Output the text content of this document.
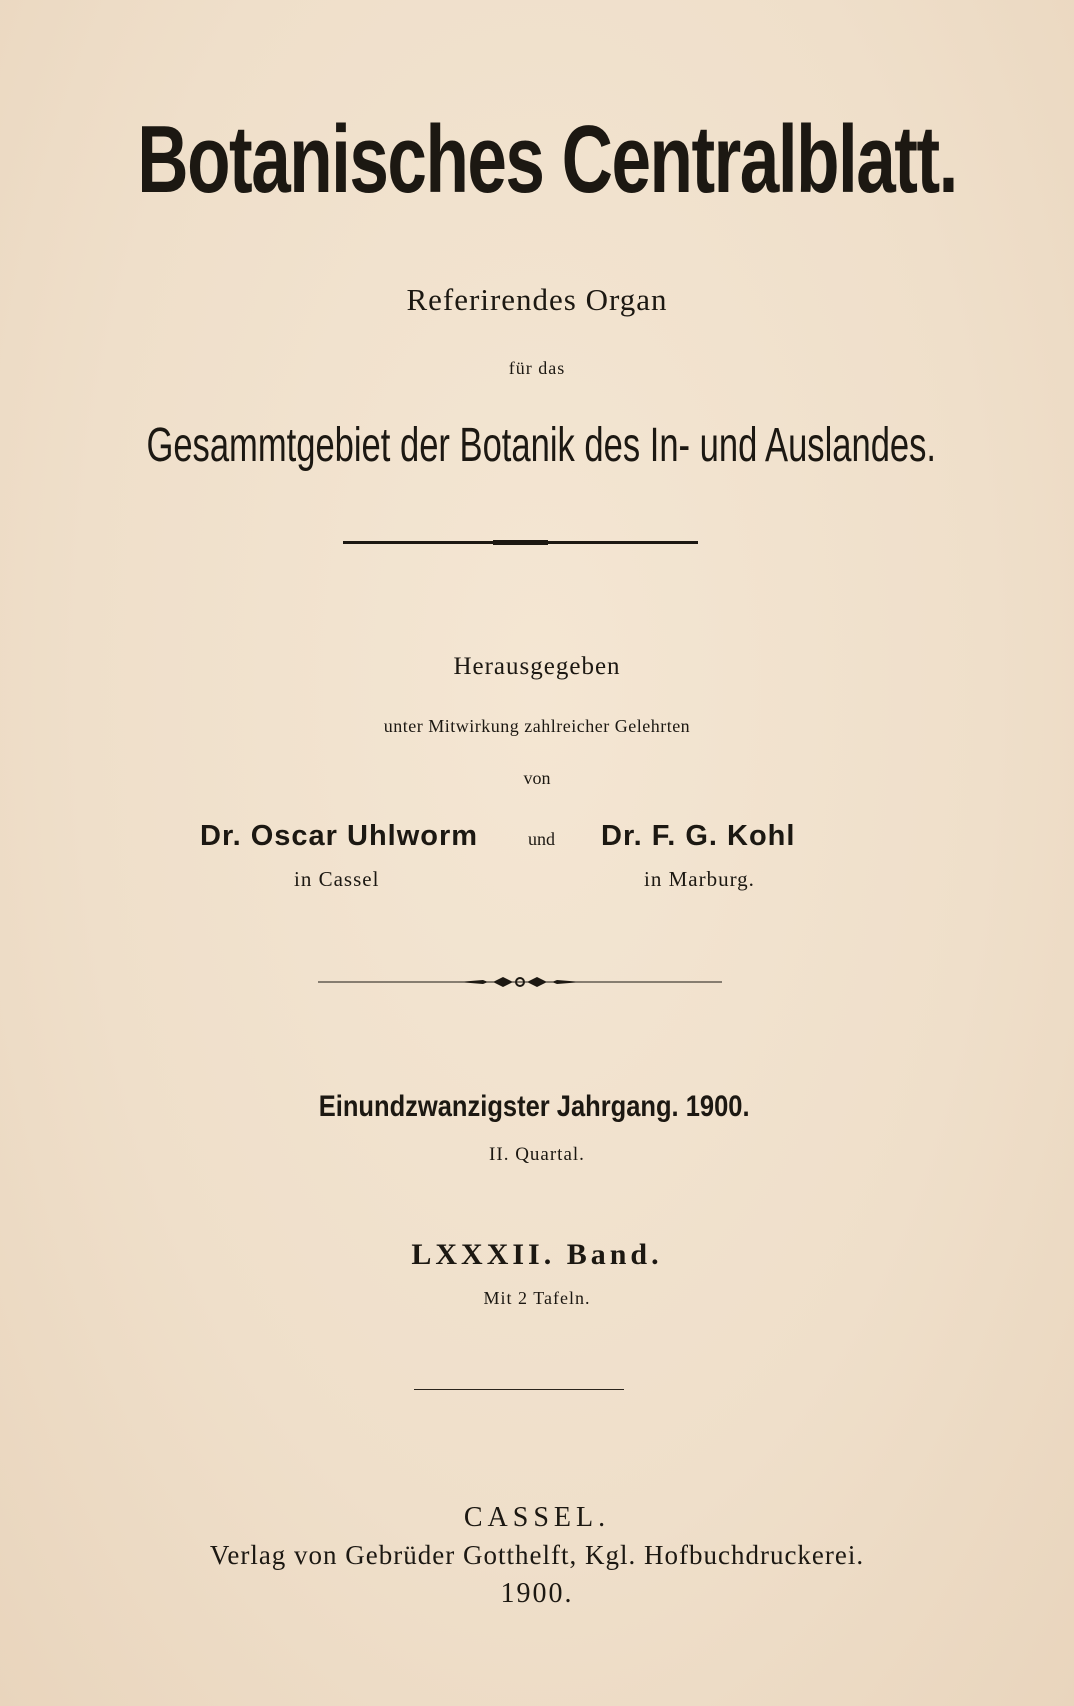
Botanisches Centralblatt.
Referirendes Organ
für das
Gesammtgebiet der Botanik des In- und Auslandes.
Herausgegeben
unter Mitwirkung zahlreicher Gelehrten
von
Dr. Oscar Uhlworm	und Dr. F. G. Kohl
in Cassel	in Marburg.
Einundzwanzigster Jahrgang. 1900.
II. Quartal.
LXXXII. Band.
Mit 2 Tafeln.
CASSEL.
Verlag von Gebrüder Gotthelft, Kgl. Hofbuchdruckerei.
1900.
